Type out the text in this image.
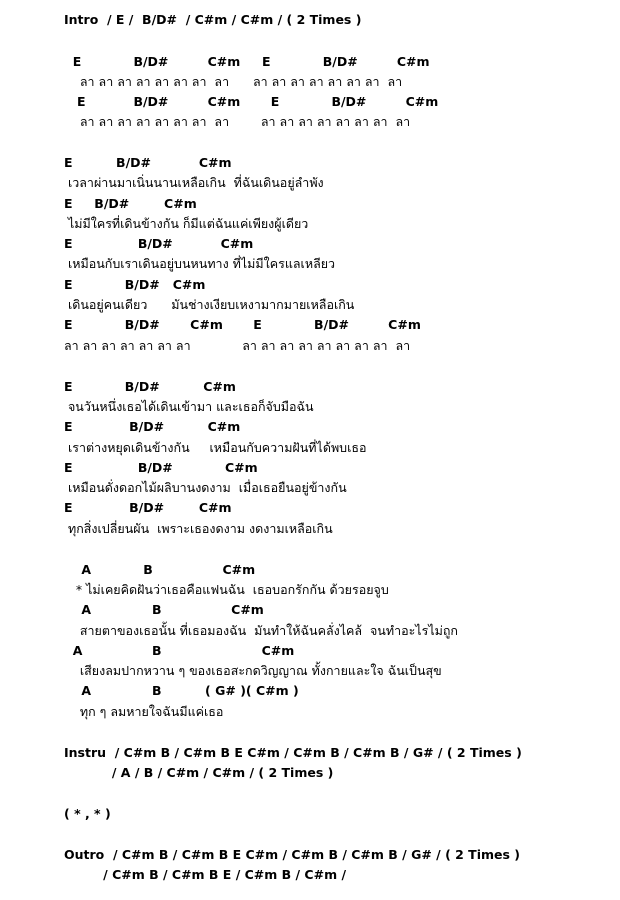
Intro  / E /  B/D#  / C#m / C#m / ( 2 Times )
E            B/D#         C#m     E            B/D#         C#m
ลา ลา ลา ลา ลา ลา ลา  ลา      ลา ลา ลา ลา ลา ลา ลา  ลา
E           B/D#         C#m       E            B/D#         C#m
ลา ลา ลา ลา ลา ลา ลา  ลา        ลา ลา ลา ลา ลา ลา ลา  ลา
E          B/D#           C#m
เวลาผ่านมาเนิ่นนานเหลือเกิน  ที่ฉันเดินอยู่ลำพัง
E     B/D#        C#m
ไม่มีใครที่เดินข้างกัน ก็มีแต่ฉันแค่เพียงผู้เดียว
E               B/D#           C#m
เหมือนกับเราเดินอยู่บนหนทาง ที่ไม่มีใครแลเหลียว
E            B/D#   C#m
เดินอยู่คนเดียว      มันช่างเงียบเหงามากมายเหลือเกิน
E            B/D#       C#m       E            B/D#         C#m
ลา ลา ลา ลา ลา ลา ลา             ลา ลา ลา ลา ลา ลา ลา ลา  ลา
E            B/D#          C#m
จนวันหนึ่งเธอได้เดินเข้ามา และเธอก็จับมือฉัน
E             B/D#          C#m
เราต่างหยุดเดินข้างกัน     เหมือนกับความฝันที่ได้พบเธอ
E               B/D#            C#m
เหมือนดั่งดอกไม้ผลิบานงดงาม  เมื่อเธอยืนอยู่ข้างกัน
E             B/D#        C#m
ทุกสิ่งเปลี่ยนผัน  เพราะเธองดงาม งดงามเหลือเกิน
A            B                C#m
* ไม่เคยคิดฝันว่าเธอคือแฟนฉัน  เธอบอกรักกัน ด้วยรอยจูบ
A              B                C#m
สายตาของเธอนั้น ที่เธอมองฉัน  มันทำให้ฉันคลั่งไคล้  จนทำอะไรไม่ถูก
A                B                       C#m
เสียงลมปากหวาน ๆ ของเธอสะกดวิญญาณ ทั้งกายและใจ ฉันเป็นสุข
A              B          ( G# )( C#m )
ทุก ๆ ลมหายใจฉันมีแค่เธอ
Instru  / C#m B / C#m B E C#m / C#m B / C#m B / G# / ( 2 Times )
/ A / B / C#m / C#m / ( 2 Times )
( * , * )
Outro  / C#m B / C#m B E C#m / C#m B / C#m B / G# / ( 2 Times )
/ C#m B / C#m B E / C#m B / C#m /
